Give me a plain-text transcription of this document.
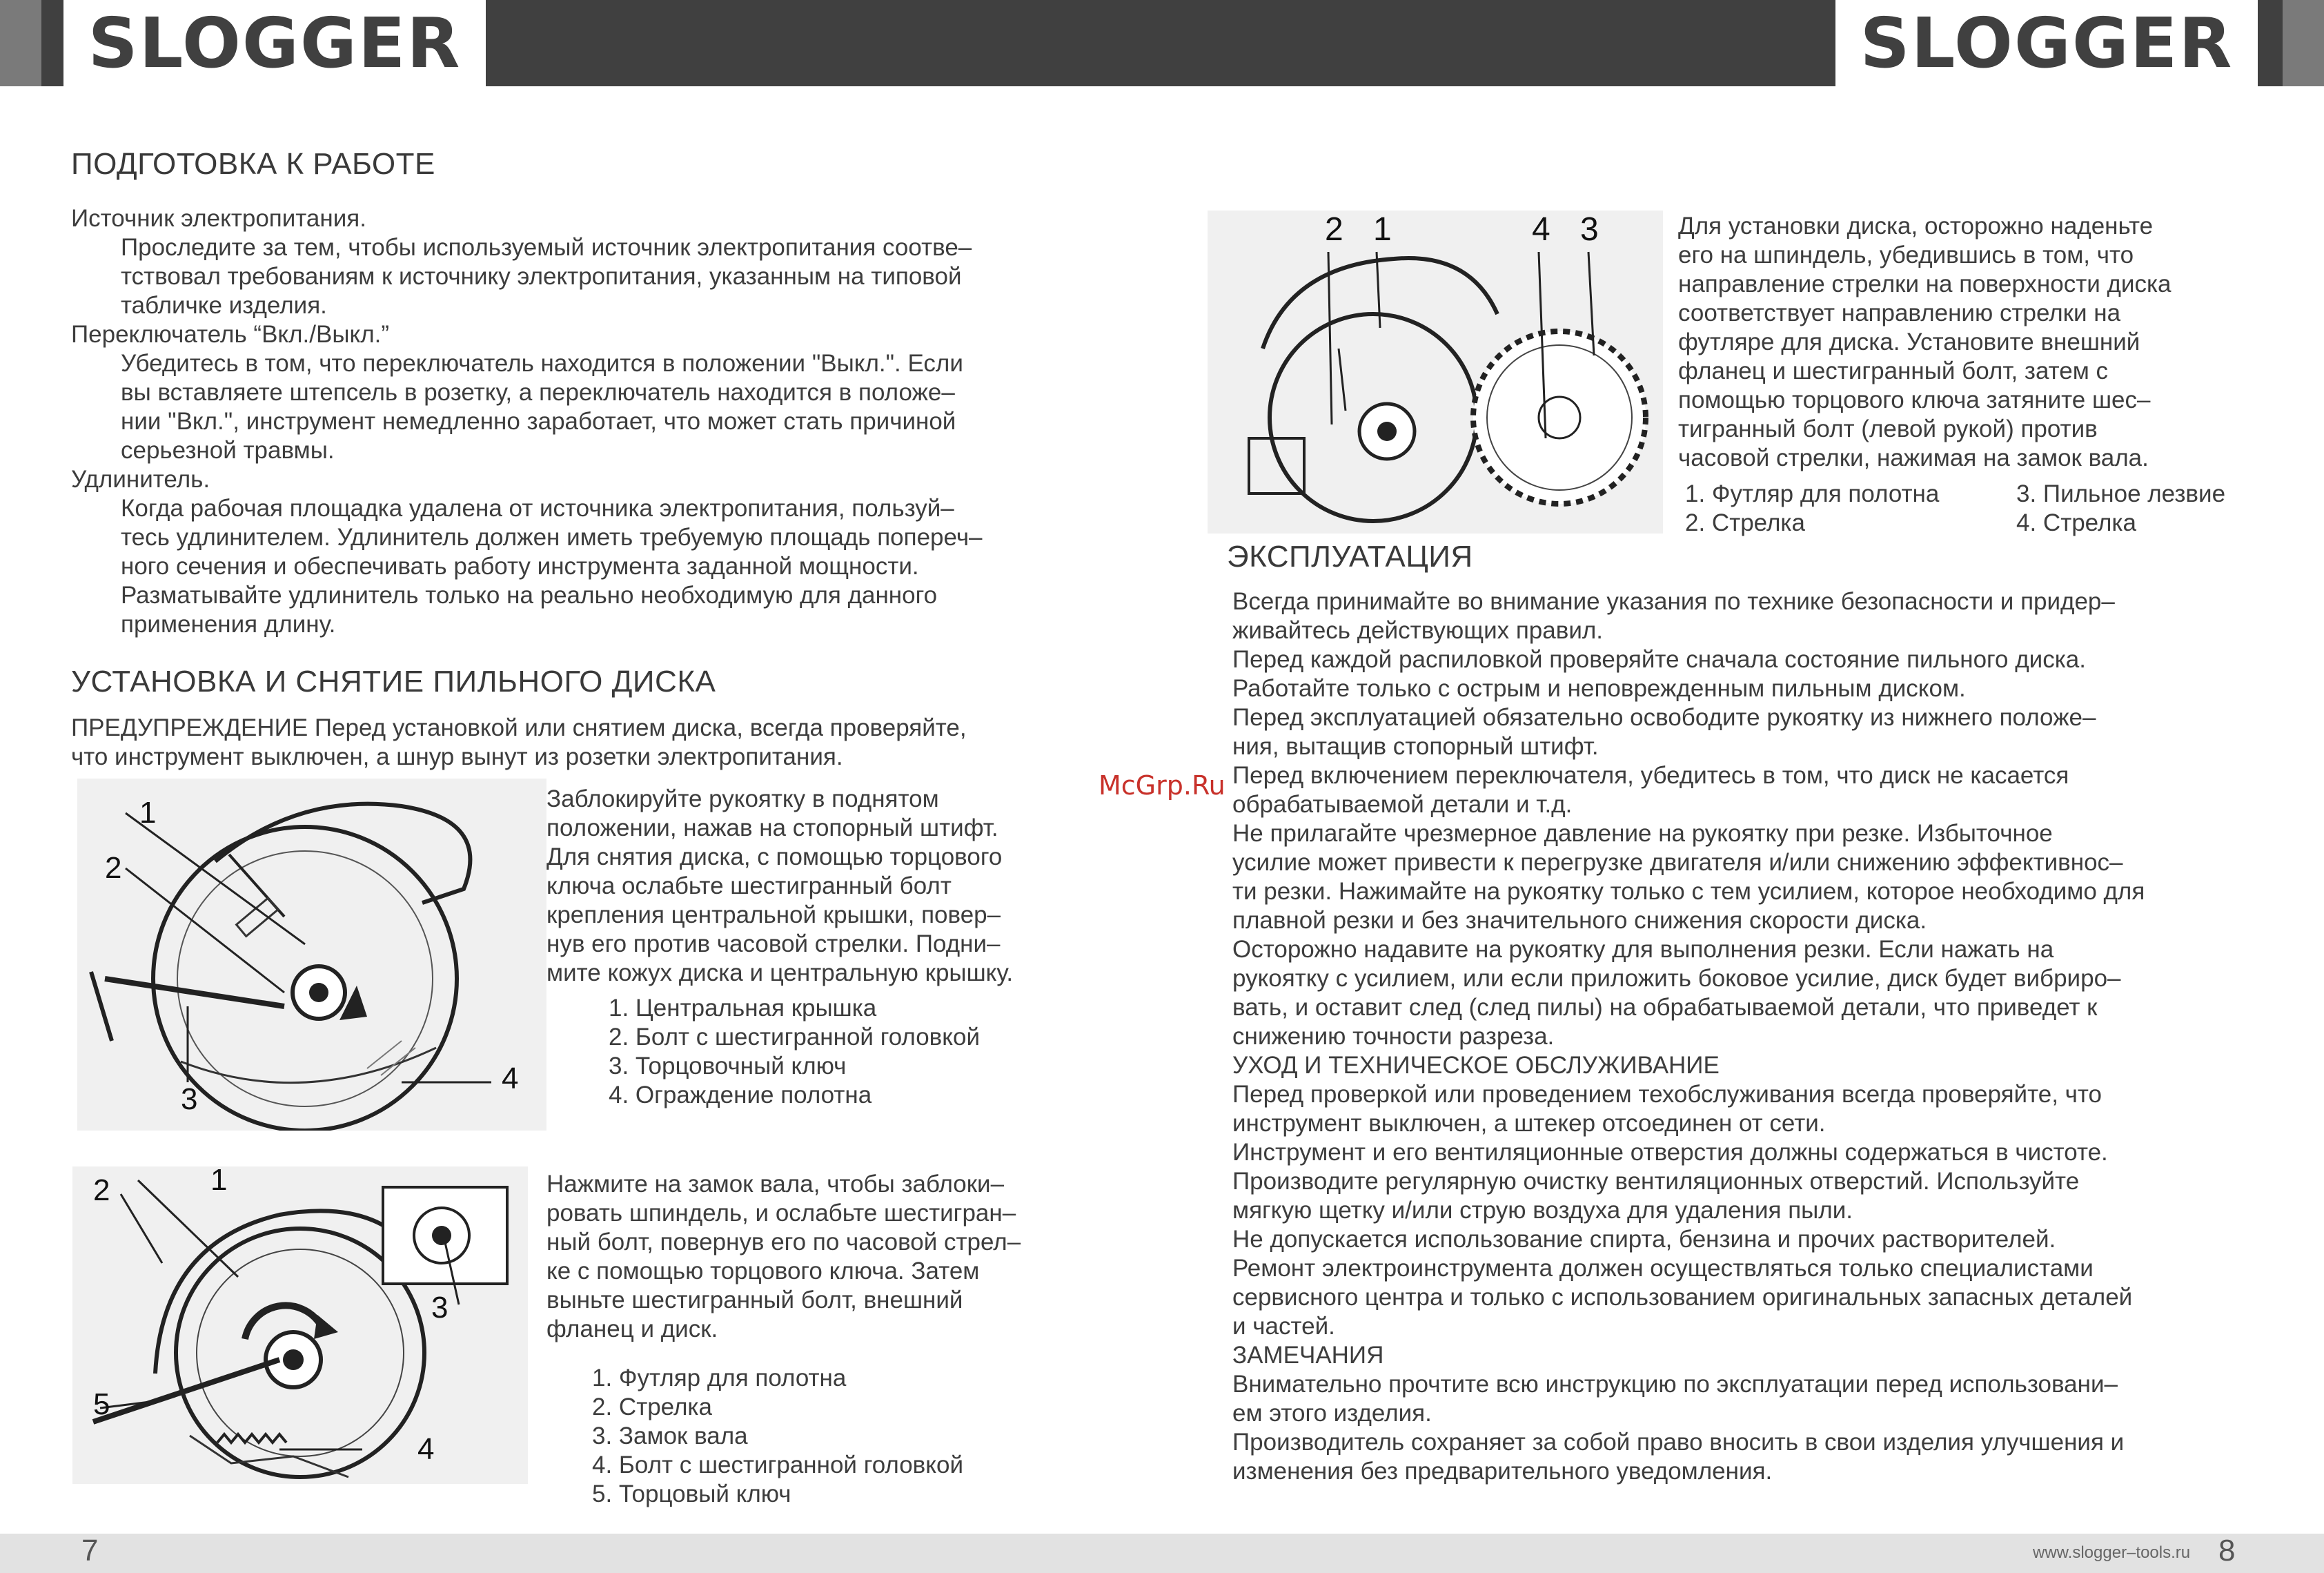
SLOGGER	SLOGGER
ПОДГОТОВКА К РАБОТЕ
Источник электропитания.
Проследите за тем, чтобы используемый источник электропитания соотве–
тствовал требованиям к источнику электропитания, указанным на типовой
табличке изделия.
Переключатель “Вкл./Выкл.”
Убедитесь в том, что переключатель находится в положении "Выкл.". Если
вы вставляете штепсель в розетку, а переключатель находится в положе–
нии "Вкл.", инструмент немедленно заработает, что может стать причиной
серьезной травмы.
Удлинитель.
Когда рабочая площадка удалена от источника электропитания, пользуй–
тесь удлинителем. Удлинитель должен иметь требуемую площадь попереч–
ного сечения и обеспечивать работу инструмента заданной мощности.
Разматывайте удлинитель только на реально необходимую для данного
применения длину.
УСТАНОВКА И СНЯТИЕ ПИЛЬНОГО ДИСКА
ПРЕДУПРЕЖДЕНИЕ Перед установкой или снятием диска, всегда проверяйте,
что инструмент выключен, а шнур вынут из розетки электропитания.
1
2
3
4
Заблокируйте рукоятку в поднятом
положении, нажав на стопорный штифт.
Для снятия диска, с помощью торцового
ключа ослабьте шестигранный болт
крепления центральной крышки, повер–
нув его против часовой стрелки. Подни–
мите кожух диска и центральную крышку.
1. Центральная крышка
2. Болт с шестигранной головкой
3. Торцовочный ключ
4. Ограждение полотна
2	1
3
4
5
Нажмите на замок вала, чтобы заблоки–
ровать шпиндель, и ослабьте шестигран–
ный болт, повернув его по часовой стрел–
ке с помощью торцового ключа. Затем
выньте шестигранный болт, внешний
фланец и диск.
1. Футляр для полотна
2. Стрелка
3. Замок вала
4. Болт с шестигранной головкой
5. Торцовый ключ
McGrp.Ru
2 1	4 3	Для установки диска, осторожно наденьте
его на шпиндель, убедившись в том, что
направление стрелки на поверхности диска
соответствует направлению стрелки на
футляре для диска. Установите внешний
фланец и шестигранный болт, затем с
помощью торцового ключа затяните шес–
тигранный болт (левой рукой) против
часовой стрелки, нажимая на замок вала.
1. Футляр для полотна
2. Стрелка
3. Пильное лезвие
4. Стрелка
ЭКСПЛУАТАЦИЯ
Всегда принимайте во внимание указания по технике безопасности и придер–
живайтесь действующих правил.
Перед каждой распиловкой проверяйте сначала состояние пильного диска.
Работайте только с острым и неповрежденным пильным диском.
Перед эксплуатацией обязательно освободите рукоятку из нижнего положе–
ния, вытащив стопорный штифт.
Перед включением переключателя, убедитесь в том, что диск не касается
обрабатываемой детали и т.д.
Не прилагайте чрезмерное давление на рукоятку при резке. Избыточное
усилие может привести к перегрузке двигателя и/или снижению эффективнос–
ти резки. Нажимайте на рукоятку только с тем усилием, которое необходимо для
плавной резки и без значительного снижения скорости диска.
Осторожно надавите на рукоятку для выполнения резки. Если нажать на
рукоятку с усилием, или если приложить боковое усилие, диск будет вибриро–
вать, и оставит след (след пилы) на обрабатываемой детали, что приведет к
снижению точности разреза.
УХОД И ТЕХНИЧЕСКОЕ ОБСЛУЖИВАНИЕ
Перед проверкой или проведением техобслуживания всегда проверяйте, что
инструмент выключен, а штекер отсоединен от сети.
Инструмент и его вентиляционные отверстия должны содержаться в чистоте.
Производите регулярную очистку вентиляционных отверстий. Используйте
мягкую щетку и/или струю воздуха для удаления пыли.
Не допускается использование спирта, бензина и прочих растворителей.
Ремонт электроинструмента должен осуществляться только специалистами
сервисного центра и только с использованием оригинальных запасных деталей
и частей.
ЗАМЕЧАНИЯ
Внимательно прочтите всю инструкцию по эксплуатации перед использовани–
ем этого изделия.
Производитель сохраняет за собой право вносить в свои изделия улучшения и
изменения без предварительного уведомления.
7	www.slogger–tools.ru 8
